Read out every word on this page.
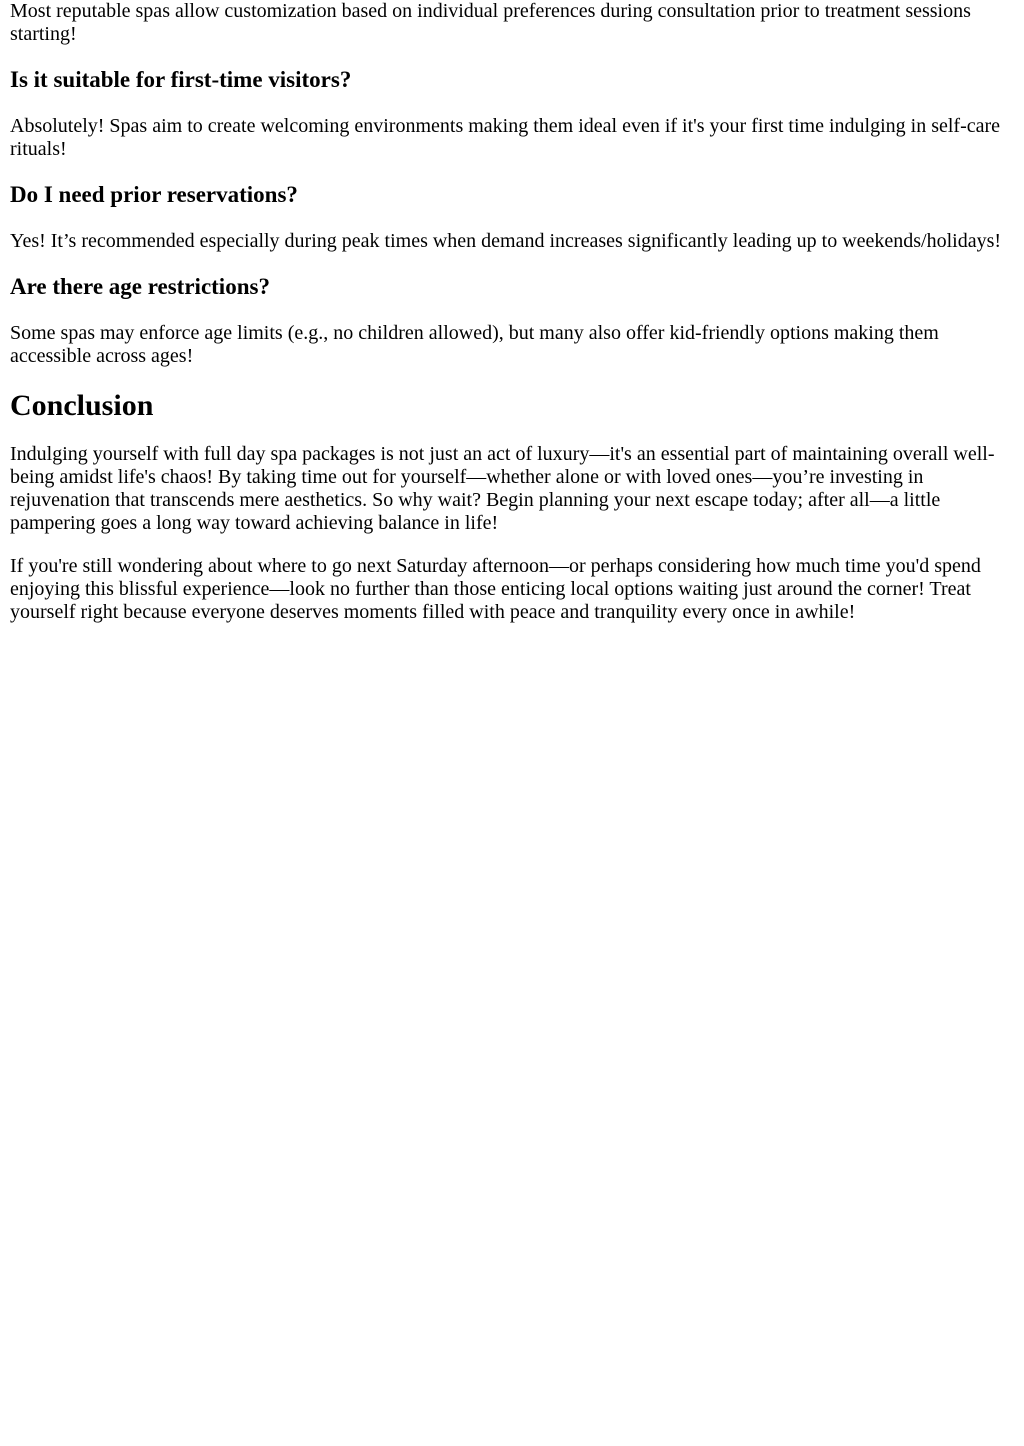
Most reputable spas allow customization based on individual preferences during consultation prior to treatment sessions starting!

Is it suitable for first-time visitors?

Absolutely! Spas aim to create welcoming environments making them ideal even if it's your first time indulging in self-care rituals!

Do I need prior reservations?

Yes! It’s recommended especially during peak times when demand increases significantly leading up to weekends/holidays!

Are there age restrictions?

Some spas may enforce age limits (e.g., no children allowed), but many also offer kid-friendly options making them accessible across ages!

Conclusion

Indulging yourself with full day spa packages is not just an act of luxury—it's an essential part of maintaining overall well-being amidst life's chaos! By taking time out for yourself—whether alone or with loved ones—you’re investing in rejuvenation that transcends mere aesthetics. So why wait? Begin planning your next escape today; after all—a little pampering goes a long way toward achieving balance in life!

If you're still wondering about where to go next Saturday afternoon—or perhaps considering how much time you'd spend enjoying this blissful experience—look no further than those enticing local options waiting just around the corner! Treat yourself right because everyone deserves moments filled with peace and tranquility every once in awhile!
